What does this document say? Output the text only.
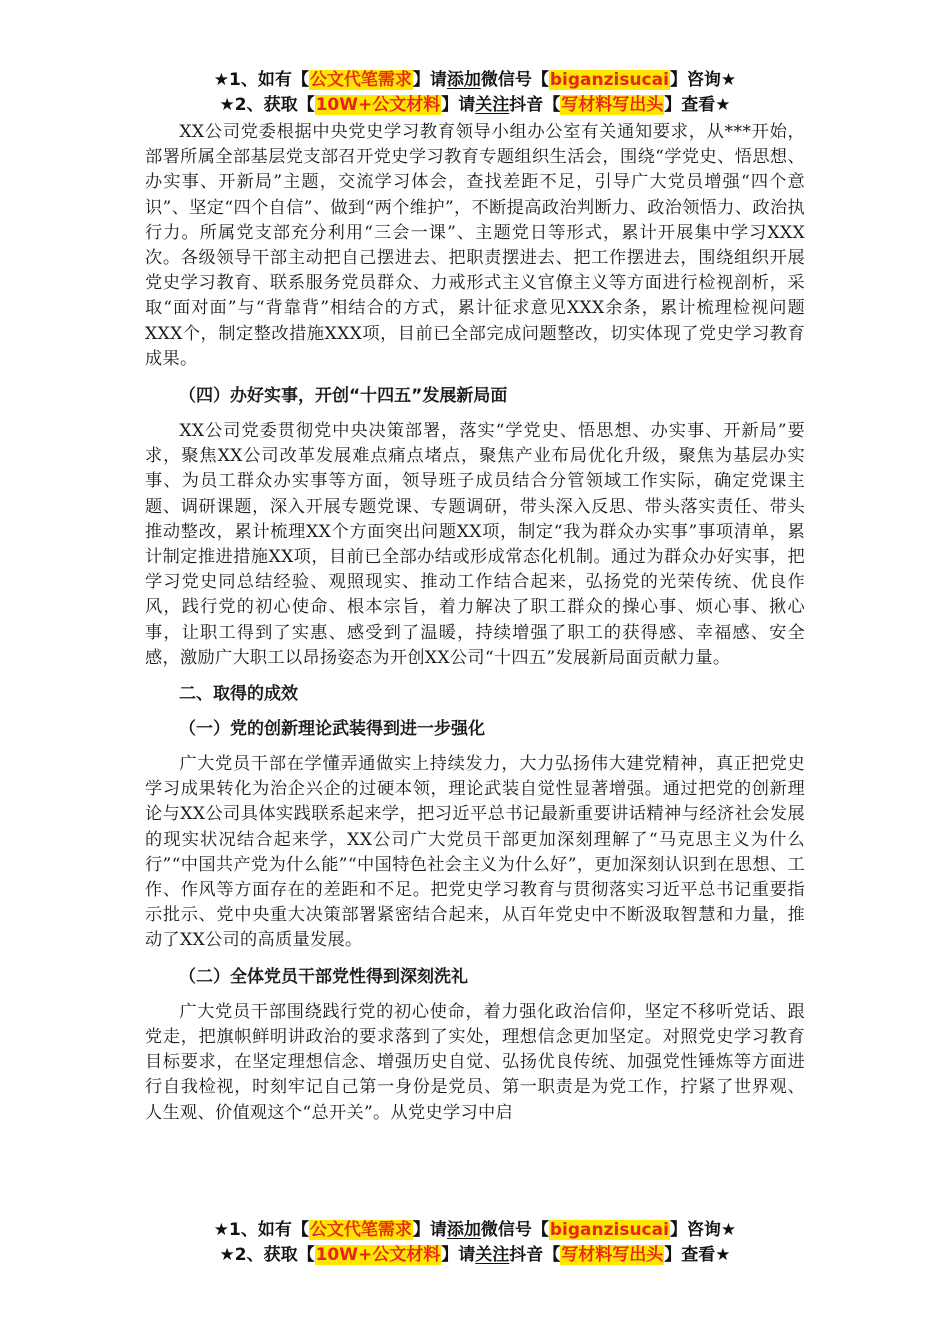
★1、如有【公文代笔需求】请添加微信号【biganzisucai】咨询★
★2、获取【10W+公文材料】请关注抖音【写材料写出头】查看★

XX公司党委根据中央党史学习教育领导小组办公室有关通知要求，从***开始，部署所属全部基层党支部召开党史学习教育专题组织生活会，围绕“学党史、悟思想、办实事、开新局”主题，交流学习体会，查找差距不足，引导广大党员增强“四个意识”、坚定“四个自信”、做到“两个维护”，不断提高政治判断力、政治领悟力、政治执行力。所属党支部充分利用“三会一课”、主题党日等形式，累计开展集中学习XXX次。各级领导干部主动把自己摆进去、把职责摆进去、把工作摆进去，围绕组织开展党史学习教育、联系服务党员群众、力戒形式主义官僚主义等方面进行检视剖析，采取“面对面”与“背靠背”相结合的方式，累计征求意见XXX余条，累计梳理检视问题XXX个，制定整改措施XXX项，目前已全部完成问题整改，切实体现了党史学习教育成果。

（四）办好实事，开创“十四五”发展新局面

XX公司党委贯彻党中央决策部署，落实“学党史、悟思想、办实事、开新局”要求，聚焦XX公司改革发展难点痛点堵点，聚焦产业布局优化升级，聚焦为基层办实事、为员工群众办实事等方面，领导班子成员结合分管领域工作实际，确定党课主题、调研课题，深入开展专题党课、专题调研，带头深入反思、带头落实责任、带头推动整改，累计梳理XX个方面突出问题XX项，制定“我为群众办实事”事项清单，累计制定推进措施XX项，目前已全部办结或形成常态化机制。通过为群众办好实事，把学习党史同总结经验、观照现实、推动工作结合起来，弘扬党的光荣传统、优良作风，践行党的初心使命、根本宗旨，着力解决了职工群众的操心事、烦心事、揪心事，让职工得到了实惠、感受到了温暖，持续增强了职工的获得感、幸福感、安全感，激励广大职工以昂扬姿态为开创XX公司“十四五”发展新局面贡献力量。

二、取得的成效
（一）党的创新理论武装得到进一步强化

广大党员干部在学懂弄通做实上持续发力，大力弘扬伟大建党精神，真正把党史学习成果转化为治企兴企的过硬本领，理论武装自觉性显著增强。通过把党的创新理论与XX公司具体实践联系起来学，把习近平总书记最新重要讲话精神与经济社会发展的现实状况结合起来学，XX公司广大党员干部更加深刻理解了“马克思主义为什么行”“中国共产党为什么能”“中国特色社会主义为什么好”，更加深刻认识到在思想、工作、作风等方面存在的差距和不足。把党史学习教育与贯彻落实习近平总书记重要指示批示、党中央重大决策部署紧密结合起来，从百年党史中不断汲取智慧和力量，推动了XX公司的高质量发展。

（二）全体党员干部党性得到深刻洗礼

广大党员干部围绕践行党的初心使命，着力强化政治信仰，坚定不移听党话、跟党走，把旗帜鲜明讲政治的要求落到了实处，理想信念更加坚定。对照党史学习教育目标要求，在坚定理想信念、增强历史自觉、弘扬优良传统、加强党性锤炼等方面进行自我检视，时刻牢记自己第一身份是党员、第一职责是为党工作，拧紧了世界观、人生观、价值观这个“总开关”。从党史学习中启

★1、如有【公文代笔需求】请添加微信号【biganzisucai】咨询★
★2、获取【10W+公文材料】请关注抖音【写材料写出头】查看★
